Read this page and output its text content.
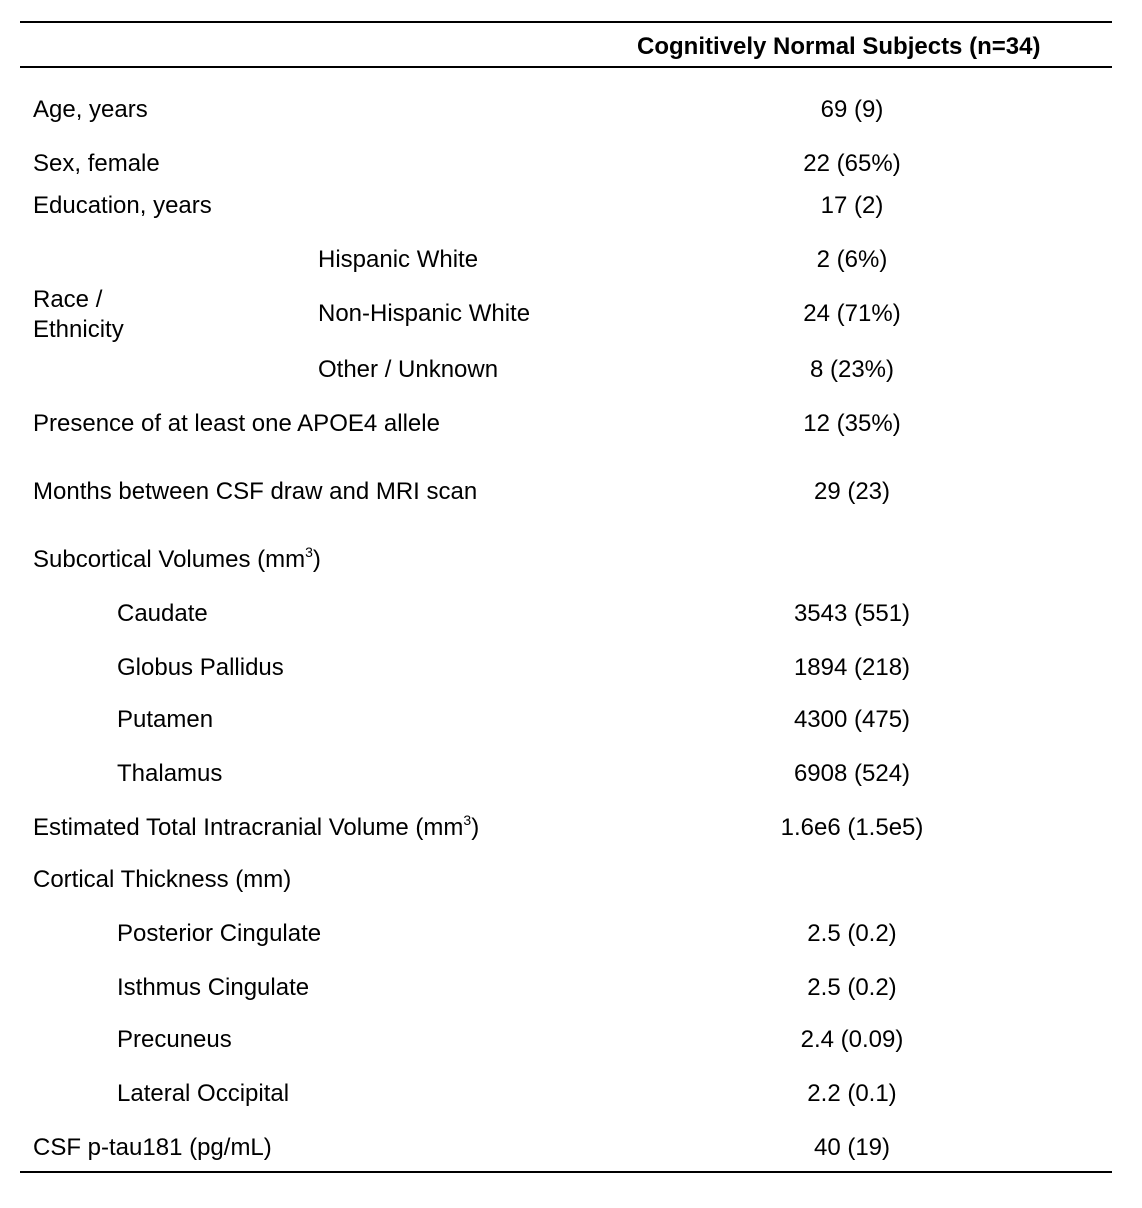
Cognitively Normal Subjects (n=34)
Age, years	69 (9)
Sex, female	22 (65%)
Education, years	17 (2)
Race /
Ethnicity
Hispanic White	2 (6%)
Non-Hispanic White	24 (71%)
Other / Unknown	8 (23%)
Presence of at least one APOE4 allele	12 (35%)
Months between CSF draw and MRI scan	29 (23)
Subcortical Volumes $(mm^3)$
Caudate	3543 (551)
Globus Pallidus	1894 (218)
Putamen	4300 (475)
Thalamus	6908 (524)
Estimated Total Intracranial Volume $(mm^3)$	1.6e6 (1.5e5)
Cortical Thickness (mm)
Posterior Cingulate	2.5 (0.2)
Isthmus Cingulate	2.5 (0.2)
Precuneus	2.4 (0.09)
Lateral Occipital	2.2 (0.1)
CSF p-tau181 (pg/mL)	40 (19)
